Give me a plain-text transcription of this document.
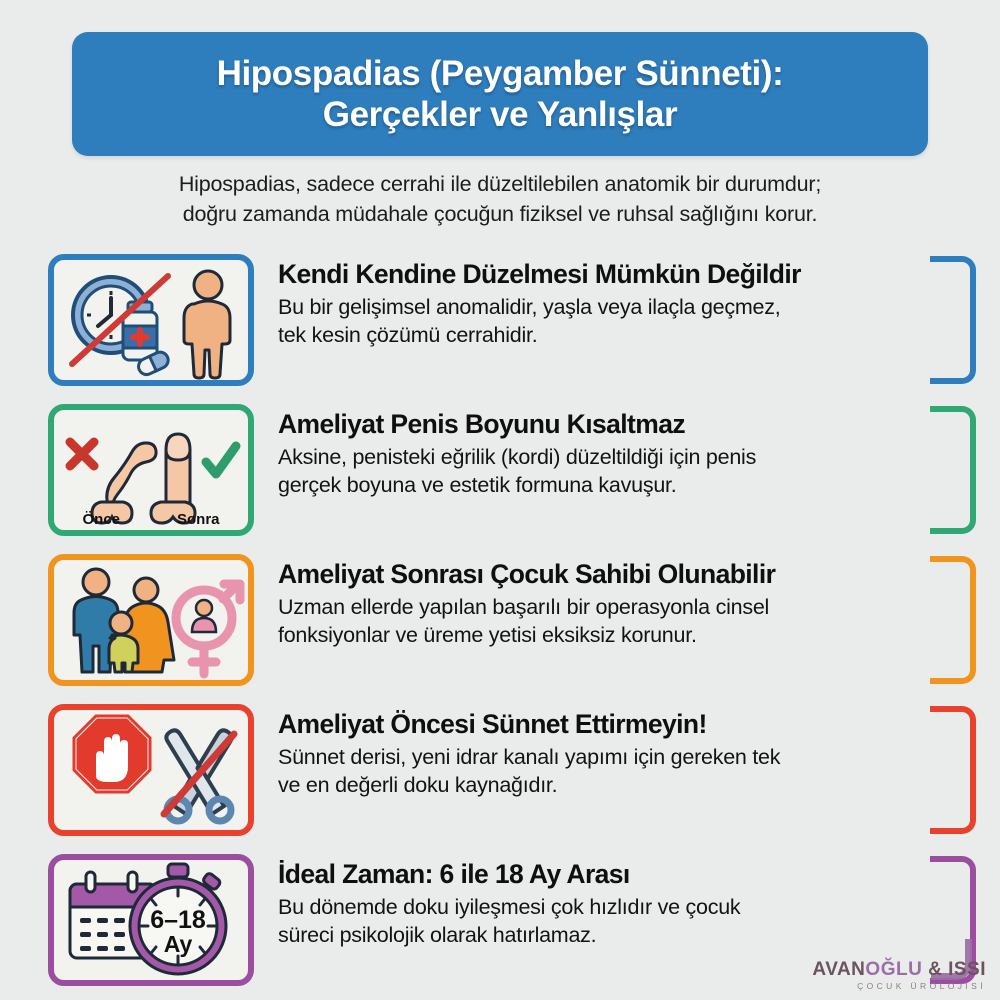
Hipospadias (Peygamber Sünneti):
Gerçekler ve Yanlışlar
Hipospadias, sadece cerrahi ile düzeltilebilen anatomik bir durumdur;
doğru zamanda müdahale çocuğun fiziksel ve ruhsal sağlığını korur.
Kendi Kendine Düzelmesi Mümkün Değildir
Bu bir gelişimsel anomalidir, yaşla veya ilaçla geçmez,
tek kesin çözümü cerrahidir.
Önce	Sonra
Ameliyat Penis Boyunu Kısaltmaz
Aksine, penisteki eğrilik (kordi) düzeltildiği için penis
gerçek boyuna ve estetik formuna kavuşur.
Ameliyat Sonrası Çocuk Sahibi Olunabilir
Uzman ellerde yapılan başarılı bir operasyonla cinsel
fonksiyonlar ve üreme yetisi eksiksiz korunur.
Ameliyat Öncesi Sünnet Ettirmeyin!
Sünnet derisi, yeni idrar kanalı yapımı için gereken tek
ve en değerli doku kaynağıdır.
6–18
Ay
İdeal Zaman: 6 ile 18 Ay Arası
Bu dönemde doku iyileşmesi çok hızlıdır ve çocuk
süreci psikolojik olarak hatırlamaz.
AVANOĞLU & ISSI
ÇOCUK ÜROLOJİSİ
